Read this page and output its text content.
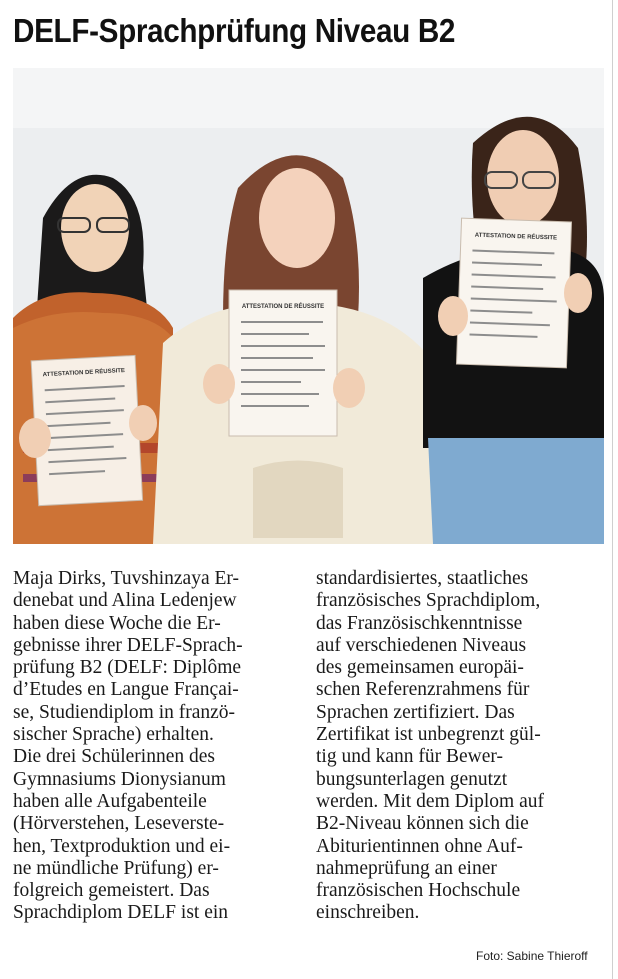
DELF-Sprachprüfung Niveau B2
ATTESTATION DE RÉUSSITE
ATTESTATION DE RÉUSSITE
ATTESTATION DE RÉUSSITE
Maja Dirks, Tuvshinzaya Er-
denebat und Alina Ledenjew
haben diese Woche die Er-
gebnisse ihrer DELF-Sprach-
prüfung B2 (DELF: Diplôme
d’Etudes en Langue Françai-
se, Studiendiplom in franzö-
sischer Sprache) erhalten.
Die drei Schülerinnen des
Gymnasiums Dionysianum
haben alle Aufgabenteile
(Hörverstehen, Leseverste-
hen, Textproduktion und ei-
ne mündliche Prüfung) er-
folgreich gemeistert. Das
Sprachdiplom DELF ist ein
standardisiertes, staatliches
französisches Sprachdiplom,
das Französischkenntnisse
auf verschiedenen Niveaus
des gemeinsamen europäi-
schen Referenzrahmens für
Sprachen zertifiziert. Das
Zertifikat ist unbegrenzt gül-
tig und kann für Bewer-
bungsunterlagen genutzt
werden. Mit dem Diplom auf
B2-Niveau können sich die
Abiturientinnen ohne Auf-
nahmeprüfung an einer
französischen Hochschule
einschreiben.
Foto: Sabine Thieroff
